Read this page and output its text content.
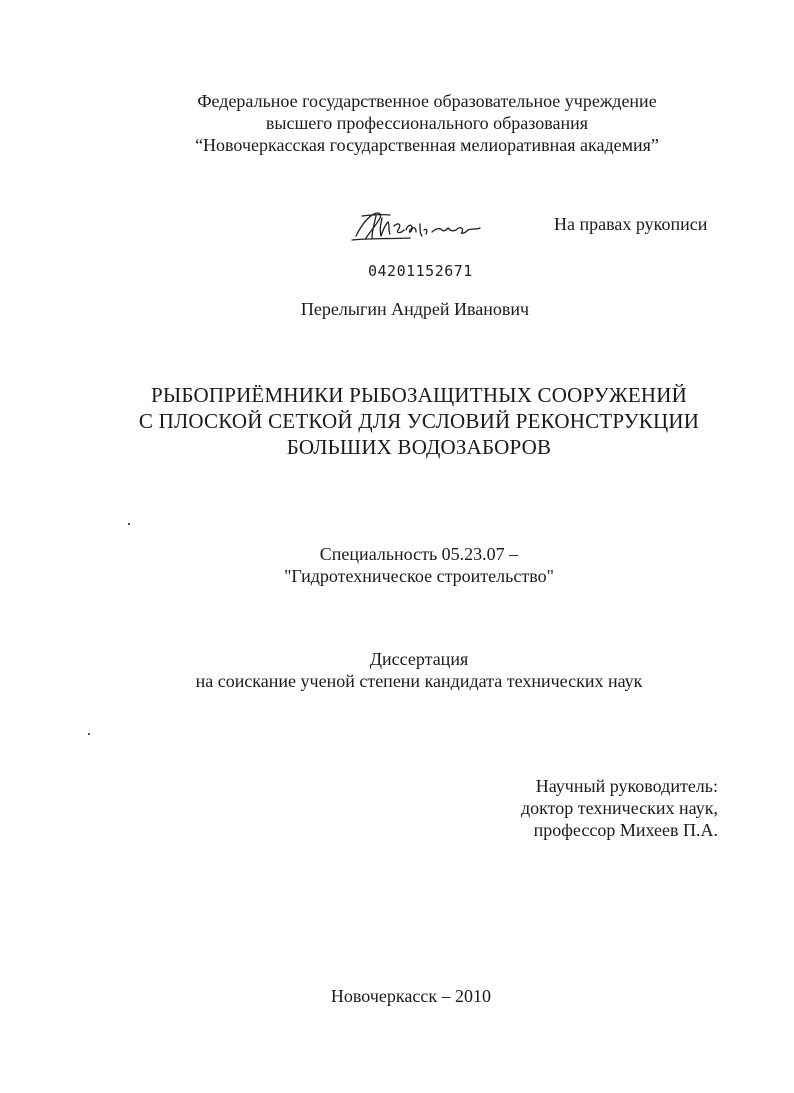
Федеральное государственное образовательное учреждение
высшего профессионального образования
“Новочеркасская государственная мелиоративная академия”
На правах рукописи
04201152671
Перелыгин Андрей Иванович
РЫБОПРИЁМНИКИ РЫБОЗАЩИТНЫХ СООРУЖЕНИЙ
С ПЛОСКОЙ СЕТКОЙ ДЛЯ УСЛОВИЙ РЕКОНСТРУКЦИИ
БОЛЬШИХ ВОДОЗАБОРОВ
Специальность 05.23.07 –
"Гидротехническое строительство"
Диссертация
на соискание ученой степени кандидата технических наук
Научный руководитель:
доктор технических наук,
профессор Михеев П.А.
Новочеркасск – 2010
